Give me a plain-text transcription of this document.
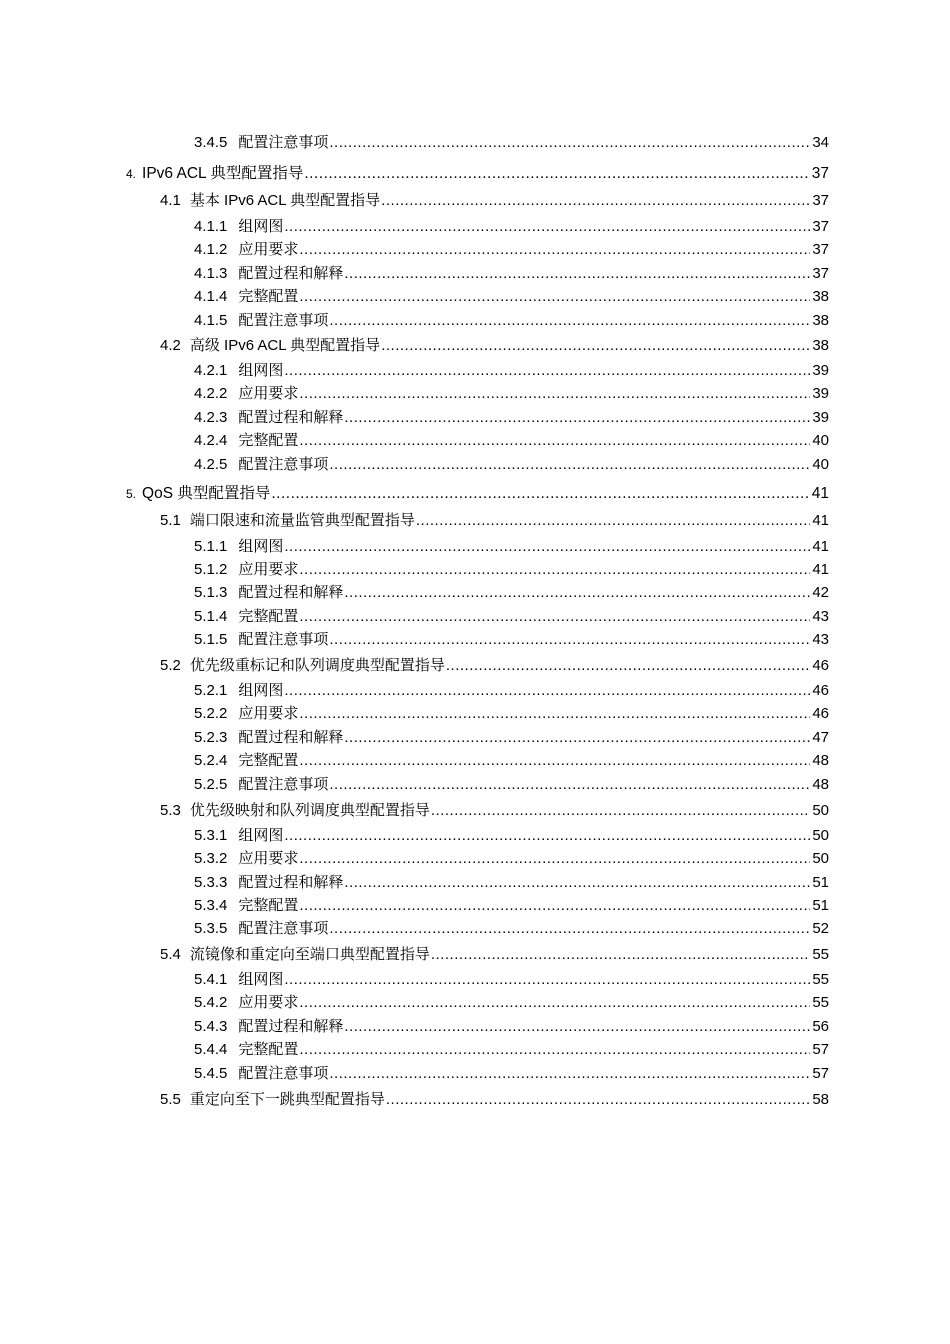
3.4.5 配置注意事项 .....	34
4. IPv6 ACL 典型配置指导 .....	37
4.1 基本 IPv6 ACL 典型配置指导 .....	37
4.1.1 组网图 .....	37
4.1.2 应用要求 .....	37
4.1.3 配置过程和解释 .....	37
4.1.4 完整配置 .....	38
4.1.5 配置注意事项 .....	38
4.2 高级 IPv6 ACL 典型配置指导 .....	38
4.2.1 组网图 .....	39
4.2.2 应用要求 .....	39
4.2.3 配置过程和解释 .....	39
4.2.4 完整配置 .....	40
4.2.5 配置注意事项 .....	40
5. QoS 典型配置指导 .....	41
5.1 端口限速和流量监管典型配置指导 .....	41
5.1.1 组网图 .....	41
5.1.2 应用要求 .....	41
5.1.3 配置过程和解释 .....	42
5.1.4 完整配置 .....	43
5.1.5 配置注意事项 .....	43
5.2 优先级重标记和队列调度典型配置指导 .....	46
5.2.1 组网图 .....	46
5.2.2 应用要求 .....	46
5.2.3 配置过程和解释 .....	47
5.2.4 完整配置 .....	48
5.2.5 配置注意事项 .....	48
5.3 优先级映射和队列调度典型配置指导 .....	50
5.3.1 组网图 .....	50
5.3.2 应用要求 .....	50
5.3.3 配置过程和解释 .....	51
5.3.4 完整配置 .....	51
5.3.5 配置注意事项 .....	52
5.4 流镜像和重定向至端口典型配置指导 .....	55
5.4.1 组网图 .....	55
5.4.2 应用要求 .....	55
5.4.3 配置过程和解释 .....	56
5.4.4 完整配置 .....	57
5.4.5 配置注意事项 .....	57
5.5 重定向至下一跳典型配置指导 .....	58
